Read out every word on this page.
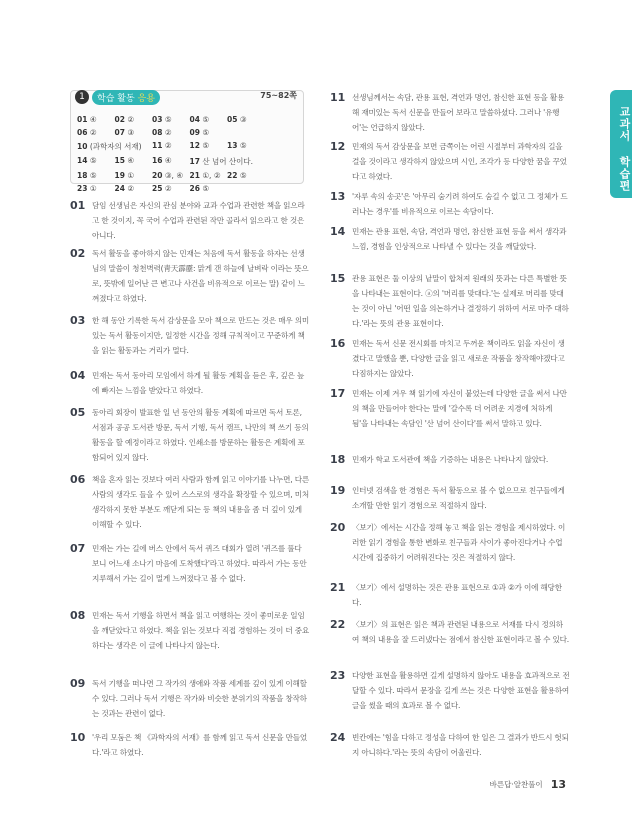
교과서 학습편
1	학습 활동 응용	75~82쪽
01 ④	02 ②	03 ⑤	04 ⑤	05 ③
06 ②	07 ③	08 ②	09 ⑤
10 (과학자의 서재)	11 ②	12 ⑤	13 ⑤
14 ⑤	15 ④	16 ④	17 산 넘어 산이다.
18 ⑤	19 ①	20 ③, ④ 21 ①, ② 22 ⑤
23 ①	24 ②	25 ②	26 ⑤
01 담임 선생님은 자신의 관심 분야와 교과 수업과 관련한 책을 읽으라고 한 것이지, 꼭 국어 수업과 관련된 작만 골라서 읽으라고 한 것은 아니다.
02 독서 활동을 좋아하지 않는 민재는 처음에 독서 활동을 하자는 선생님의 말씀이 청천벽력(靑天霹靂: 맑게 갠 하늘에 날벼락 이라는 뜻으로, 뜻밖에 일어난 큰 변고나 사건을 비유적으로 이르는 말) 같이 느껴졌다고 하였다.
03 한 해 동안 기록한 독서 감상문을 모아 책으로 만드는 것은 매우 의미 있는 독서 활동이지만, 일정한 시간을 정해 규칙적이고 꾸준하게 책을 읽는 활동과는 거리가 멀다.
04 민재는 독서 동아리 모임에서 하게 될 활동 계획을 듣은 후, 깊은 늪에 빠지는 느낌을 받았다고 하였다.
05 동아리 회장이 발표한 일 년 동안의 활동 계획에 따르면 독서 토론, 서점과 공공 도서관 방문, 독서 기행, 독서 캠프, 나만의 책 쓰기 등의 활동을 할 예정이라고 하였다. 인쇄소를 방문하는 활동은 계획에 포함되어 있지 않다.
06 책을 혼자 읽는 것보다 여러 사람과 함께 읽고 이야기를 나누면, 다른 사람의 생각도 들을 수 있어 스스로의 생각을 확장할 수 있으며, 미처 생각하지 못한 부분도 깨닫게 되는 등 책의 내용을 좀 더 깊이 있게 이해할 수 있다.
07 민재는 가는 길에 버스 안에서 독서 퀴즈 대회가 열려 '퀴즈를 풀다 보니 어느새 소나기 마음에 도착했다'라고 하였다. 따라서 가는 동안 지루해서 가는 길이 멀게 느껴졌다고 볼 수 없다.
08 민재는 독서 기행을 하면서 책을 읽고 여행하는 것이 좋미로운 일임을 깨닫았다고 하였다. 책을 읽는 것보다 직접 경험하는 것이 더 중요하다는 생각은 이 글에 나타나지 않는다.
09 독서 기행을 떠나면 그 작가의 생애와 작품 세계를 깊이 있게 이해할 수 있다. 그러나 독서 기행은 작가와 비슷한 분위기의 작품을 창작하는 것과는 관련이 없다.
10 '우리 모둠은 책 《과학자의 서재》를 함께 읽고 독서 신문을 만들었다.'라고 하였다.
11 선생님께서는 속담, 관용 표현, 격언과 명언, 참신한 표현 등을 활용해 재미있는 독서 신문을 만들어 보라고 말씀하셨다. 그러나 '유행어'는 언급하지 않았다.
12 민재의 독서 감상문을 보면 금쪽이는 어린 시절부터 과학자의 길을 걸을 것이라고 생각하지 않았으며 시인, 조각가 등 다양한 꿈을 꾸었다고 하였다.
13 '자루 속의 송곳'은 '아무리 숨기려 하여도 숨길 수 없고 그 정체가 드러나는 경우'를 비유적으로 이르는 속담이다.
14 민재는 관용 표현, 속담, 격언과 명언, 참신한 표현 등을 써서 생각과 느낌, 경험을 인상적으로 나타낼 수 있다는 것을 깨달았다.
15 관용 표현은 둘 이상의 낱말이 합쳐져 원래의 뜻과는 다른 특별한 뜻을 나타내는 표현이다. ⓐ의 '머리를 맞대다.'는 실제로 머리를 맞대는 것이 아닌 '어떤 일을 의논하거나 결정하기 위하여 서로 마주 대하다.'라는 뜻의 관용 표현이다.
16 민재는 독서 신문 전시회를 마치고 두꺼운 책이라도 읽을 자신이 생겼다고 말했을 뿐, 다양한 글을 읽고 새로운 작품을 창작해야겠다고 다짐하지는 않았다.
17 민재는 이제 겨우 책 읽기에 자신이 붙었는데 다양한 글을 써서 나만의 책을 만들어야 한다는 말에 '갈수록 더 어려운 지경에 처하게 됨'을 나타내는 속담인 '산 넘어 산이다'를 써서 말하고 있다.
18 민재가 학교 도서관에 책을 기증하는 내용은 나타나지 않았다.
19 인터넷 검색을 한 경험은 독서 활동으로 볼 수 없으므로 친구들에게 소개할 만한 읽기 경험으로 적절하지 않다.
20 〈보기〉에서는 시간을 정해 놓고 책을 읽는 경험을 제시하였다. 이러한 읽기 경험을 통한 변화로 친구들과 사이가 좋아진다거나 수업 시간에 집중하기 어려워진다는 것은 적절하지 않다.
21 〈보기〉에서 설명하는 것은 관용 표현으로 ①과 ②가 이에 해당한다.
22 〈보기〉의 표현은 읽은 책과 관련된 내용으로 서재를 다시 정의하여 책의 내용을 잘 드러냈다는 점에서 참신한 표현이라고 볼 수 있다.
23 다양한 표현을 활용하면 길게 설명하지 않아도 내용을 효과적으로 전달할 수 있다. 따라서 문장을 길게 쓰는 것은 다양한 표현을 활용하여 글을 썼을 때의 효과로 볼 수 없다.
24 빈칸에는 '힘을 다하고 정성을 다하여 한 일은 그 결과가 반드시 헛되지 아니하다.'라는 뜻의 속담이 어울린다.
바른답·알찬풀이 13
